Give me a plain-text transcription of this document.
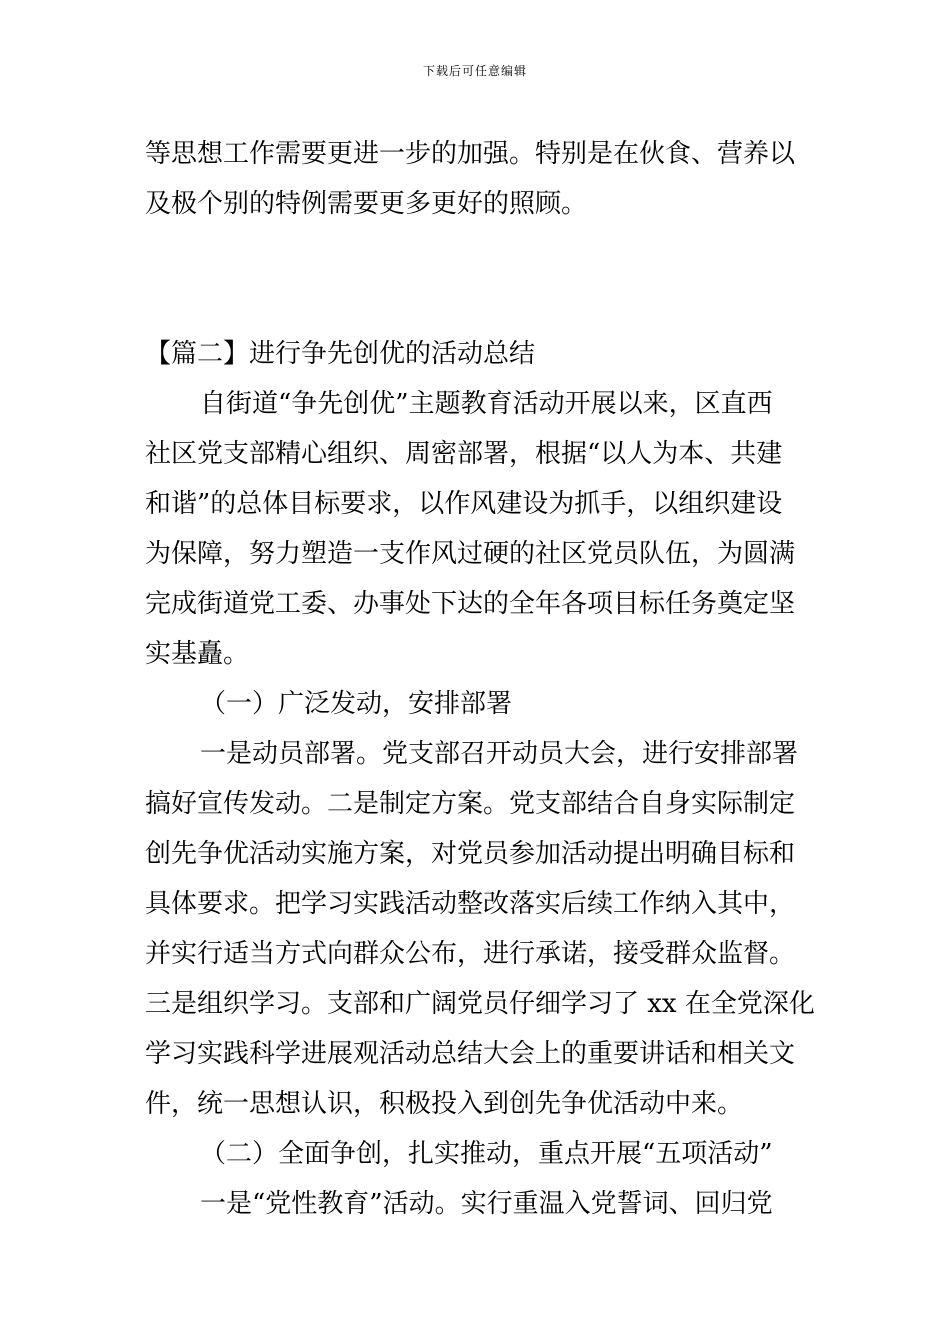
下载后可任意编辑
等思想工作需要更进一步的加强。特别是在伙食、营养以
及极个别的特例需要更多更好的照顾。
【篇二】进行争先创优的活动总结
自街道“争先创优”主题教育活动开展以来，区直西
社区党支部精心组织、周密部署，根据“以人为本、共建
和谐”的总体目标要求，以作风建设为抓手，以组织建设
为保障，努力塑造一支作风过硬的社区党员队伍，为圆满
完成街道党工委、办事处下达的全年各项目标任务奠定坚
实基矗。
（一）广泛发动，安排部署
一是动员部署。党支部召开动员大会，进行安排部署
搞好宣传发动。二是制定方案。党支部结合自身实际制定
创先争优活动实施方案，对党员参加活动提出明确目标和
具体要求。把学习实践活动整改落实后续工作纳入其中，
并实行适当方式向群众公布，进行承诺，接受群众监督。
三是组织学习。支部和广阔党员仔细学习了 xx 在全党深化
学习实践科学进展观活动总结大会上的重要讲话和相关文
件，统一思想认识，积极投入到创先争优活动中来。
（二）全面争创，扎实推动，重点开展“五项活动”
一是“党性教育”活动。实行重温入党誓词、回归党
